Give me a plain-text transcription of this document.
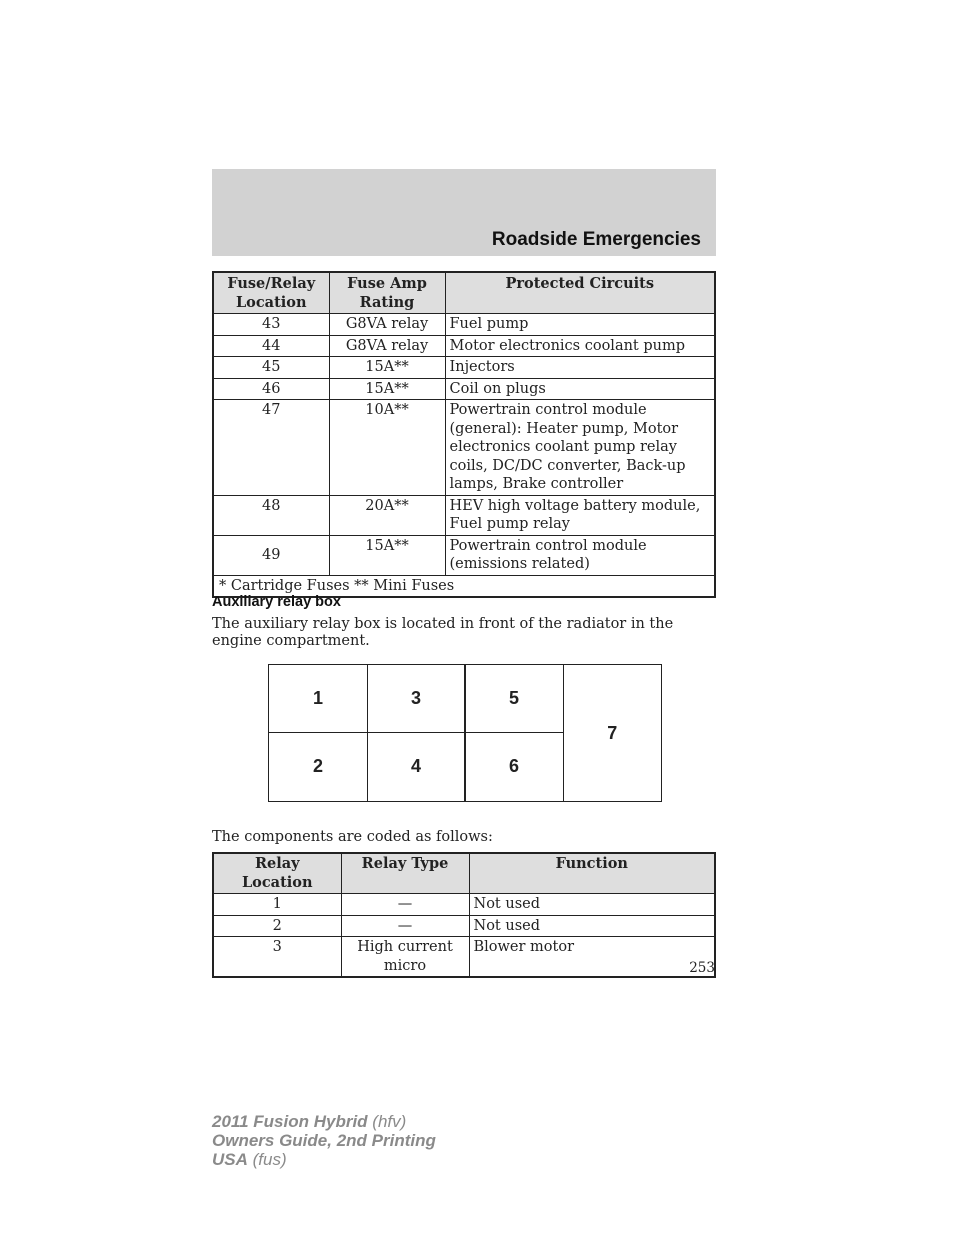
Roadside Emergencies
Fuse/Relay Location	Fuse Amp Rating	Protected Circuits
43	G8VA relay	Fuel pump
44	G8VA relay	Motor electronics coolant pump
45	15A**	Injectors
46	15A**	Coil on plugs
47	10A**	Powertrain control module (general): Heater pump, Motor electronics coolant pump relay coils, DC/DC converter, Back-up lamps, Brake controller
48	20A**	HEV high voltage battery module, Fuel pump relay
49	15A**	Powertrain control module (emissions related)
* Cartridge Fuses ** Mini Fuses		
Auxiliary relay box
The auxiliary relay box is located in front of the radiator in the engine compartment.
1
2
3
4
5
6
7
The components are coded as follows:
Relay Location	Relay Type	Function
1	—	Not used
2	—	Not used
3	High current micro	Blower motor
253
2011 Fusion Hybrid (hfv)
Owners Guide, 2nd Printing
USA (fus)
